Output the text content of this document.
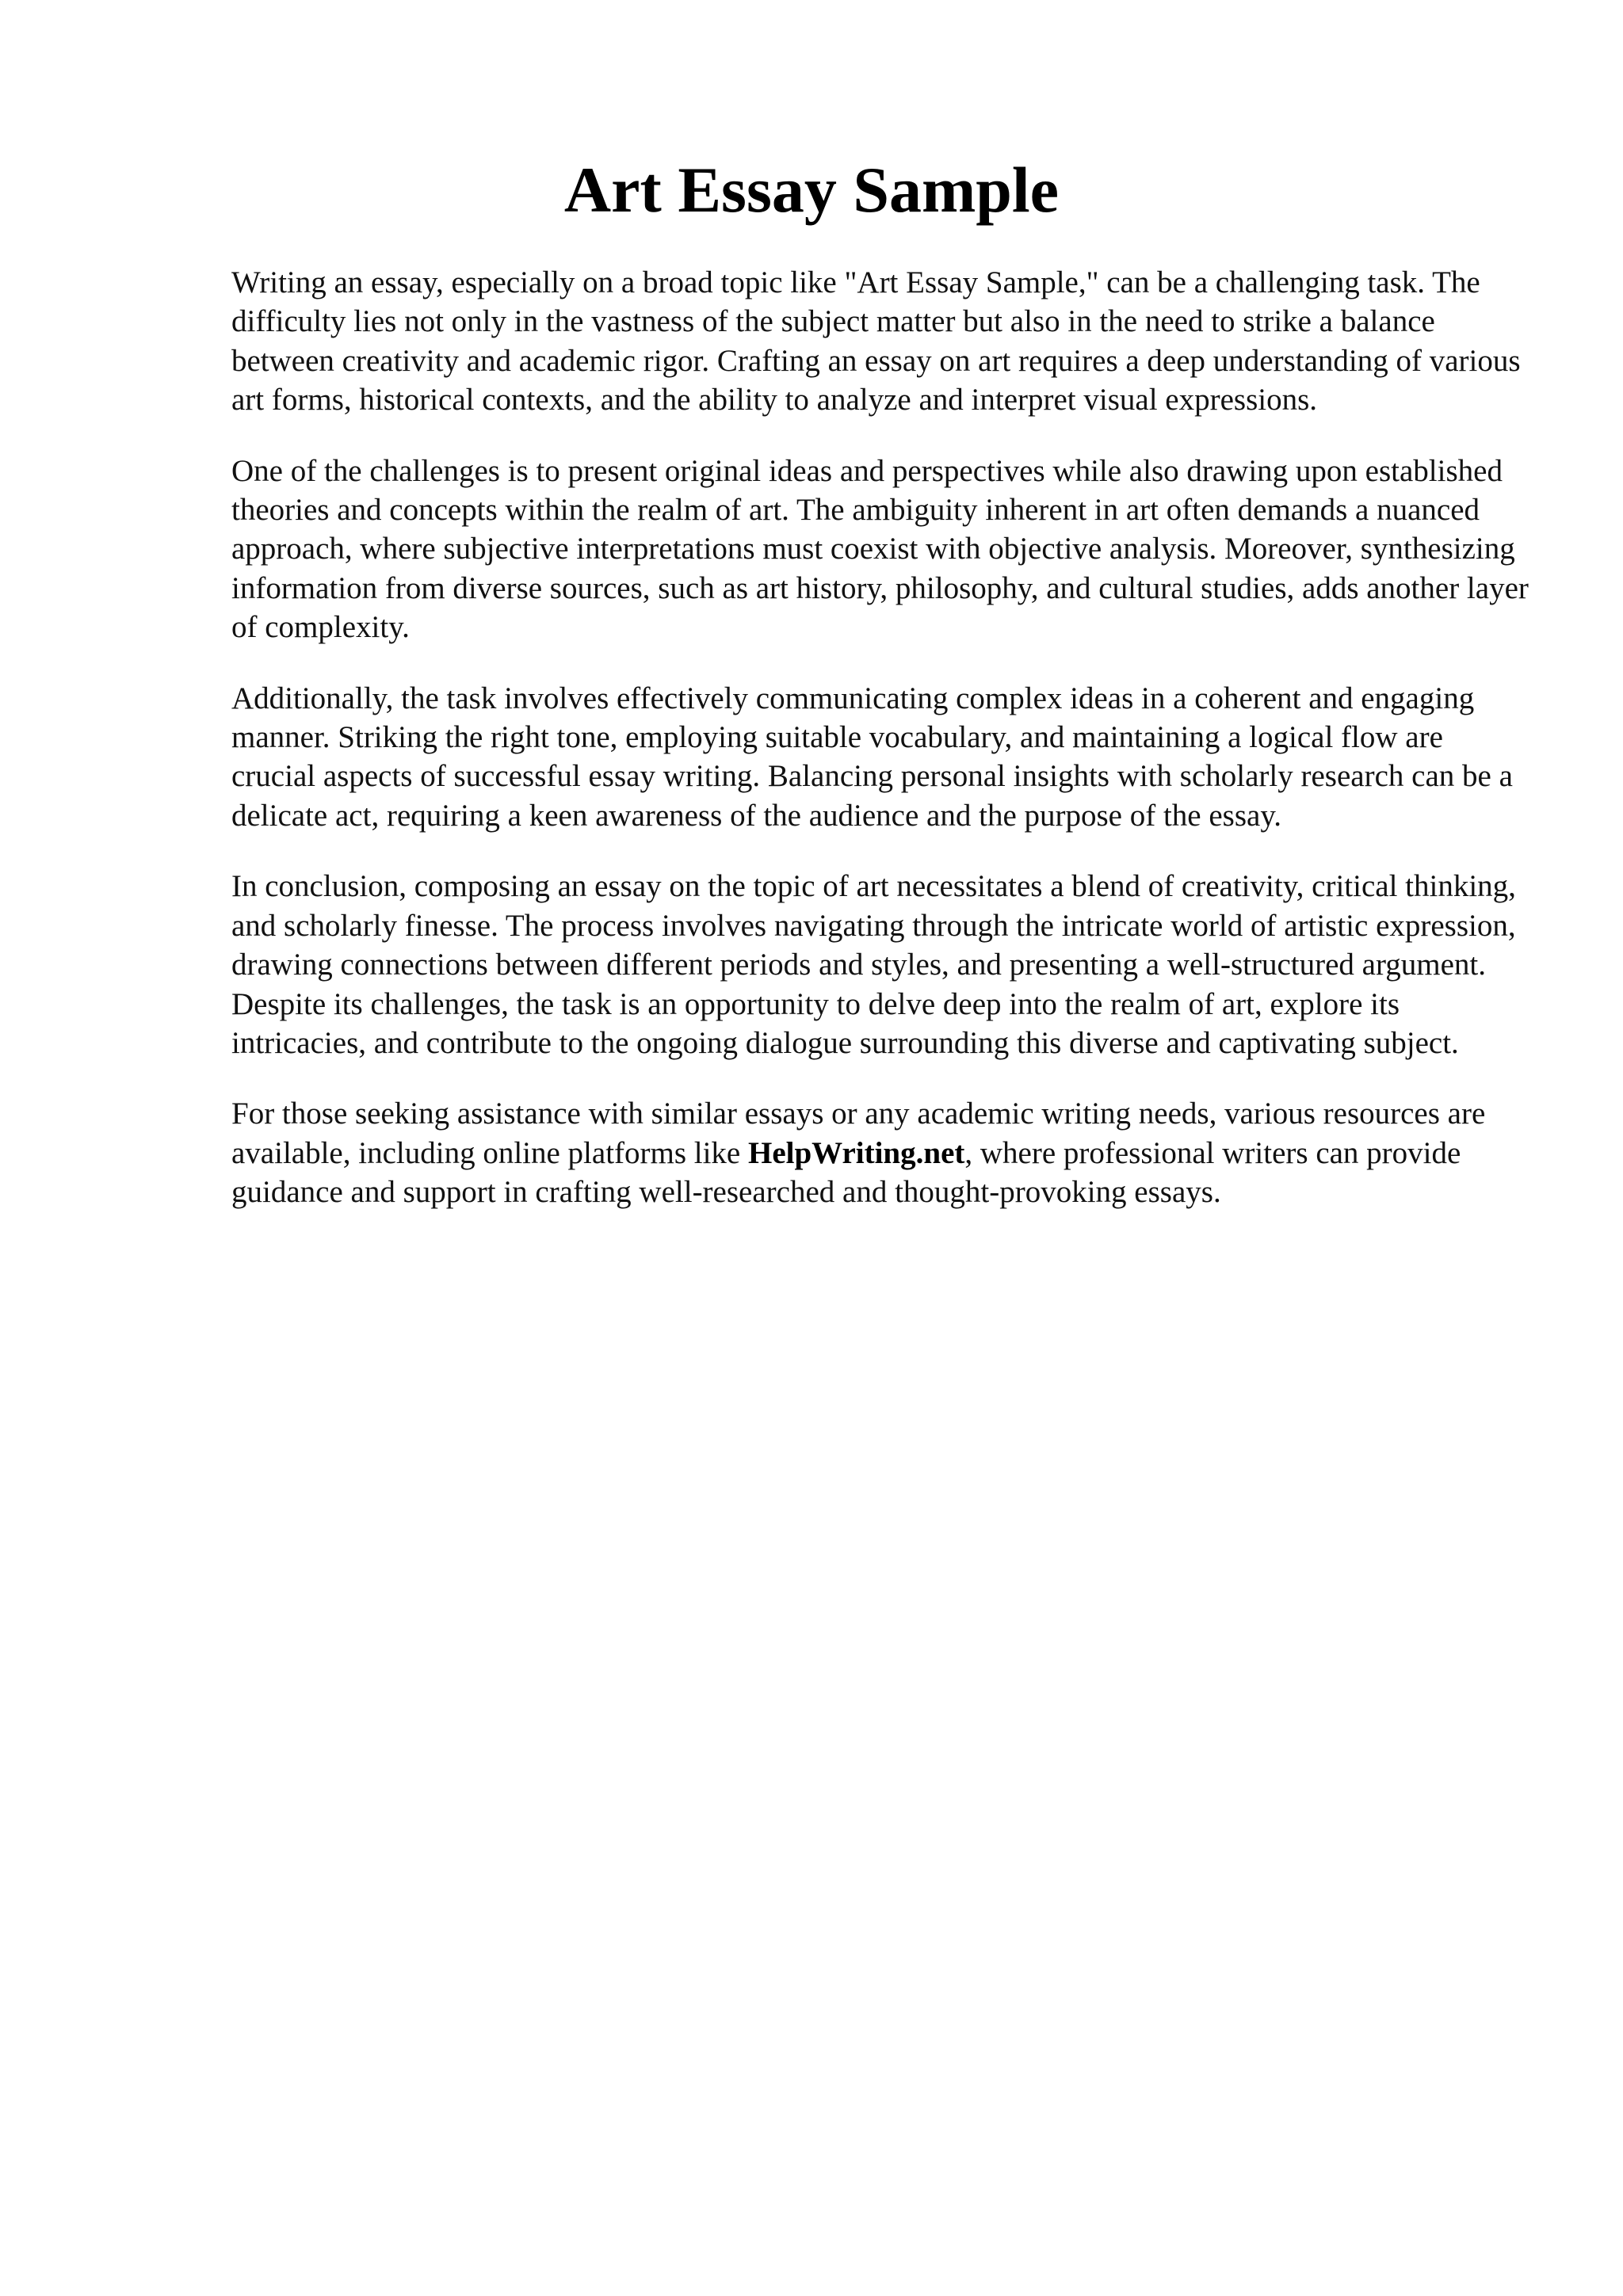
Art Essay Sample

Writing an essay, especially on a broad topic like "Art Essay Sample," can be a challenging task. The difficulty lies not only in the vastness of the subject matter but also in the need to strike a balance between creativity and academic rigor. Crafting an essay on art requires a deep understanding of various art forms, historical contexts, and the ability to analyze and interpret visual expressions.

One of the challenges is to present original ideas and perspectives while also drawing upon established theories and concepts within the realm of art. The ambiguity inherent in art often demands a nuanced approach, where subjective interpretations must coexist with objective analysis. Moreover, synthesizing information from diverse sources, such as art history, philosophy, and cultural studies, adds another layer of complexity.

Additionally, the task involves effectively communicating complex ideas in a coherent and engaging manner. Striking the right tone, employing suitable vocabulary, and maintaining a logical flow are crucial aspects of successful essay writing. Balancing personal insights with scholarly research can be a delicate act, requiring a keen awareness of the audience and the purpose of the essay.

In conclusion, composing an essay on the topic of art necessitates a blend of creativity, critical thinking, and scholarly finesse. The process involves navigating through the intricate world of artistic expression, drawing connections between different periods and styles, and presenting a well-structured argument. Despite its challenges, the task is an opportunity to delve deep into the realm of art, explore its intricacies, and contribute to the ongoing dialogue surrounding this diverse and captivating subject.

For those seeking assistance with similar essays or any academic writing needs, various resources are available, including online platforms like HelpWriting.net, where professional writers can provide guidance and support in crafting well-researched and thought-provoking essays.
